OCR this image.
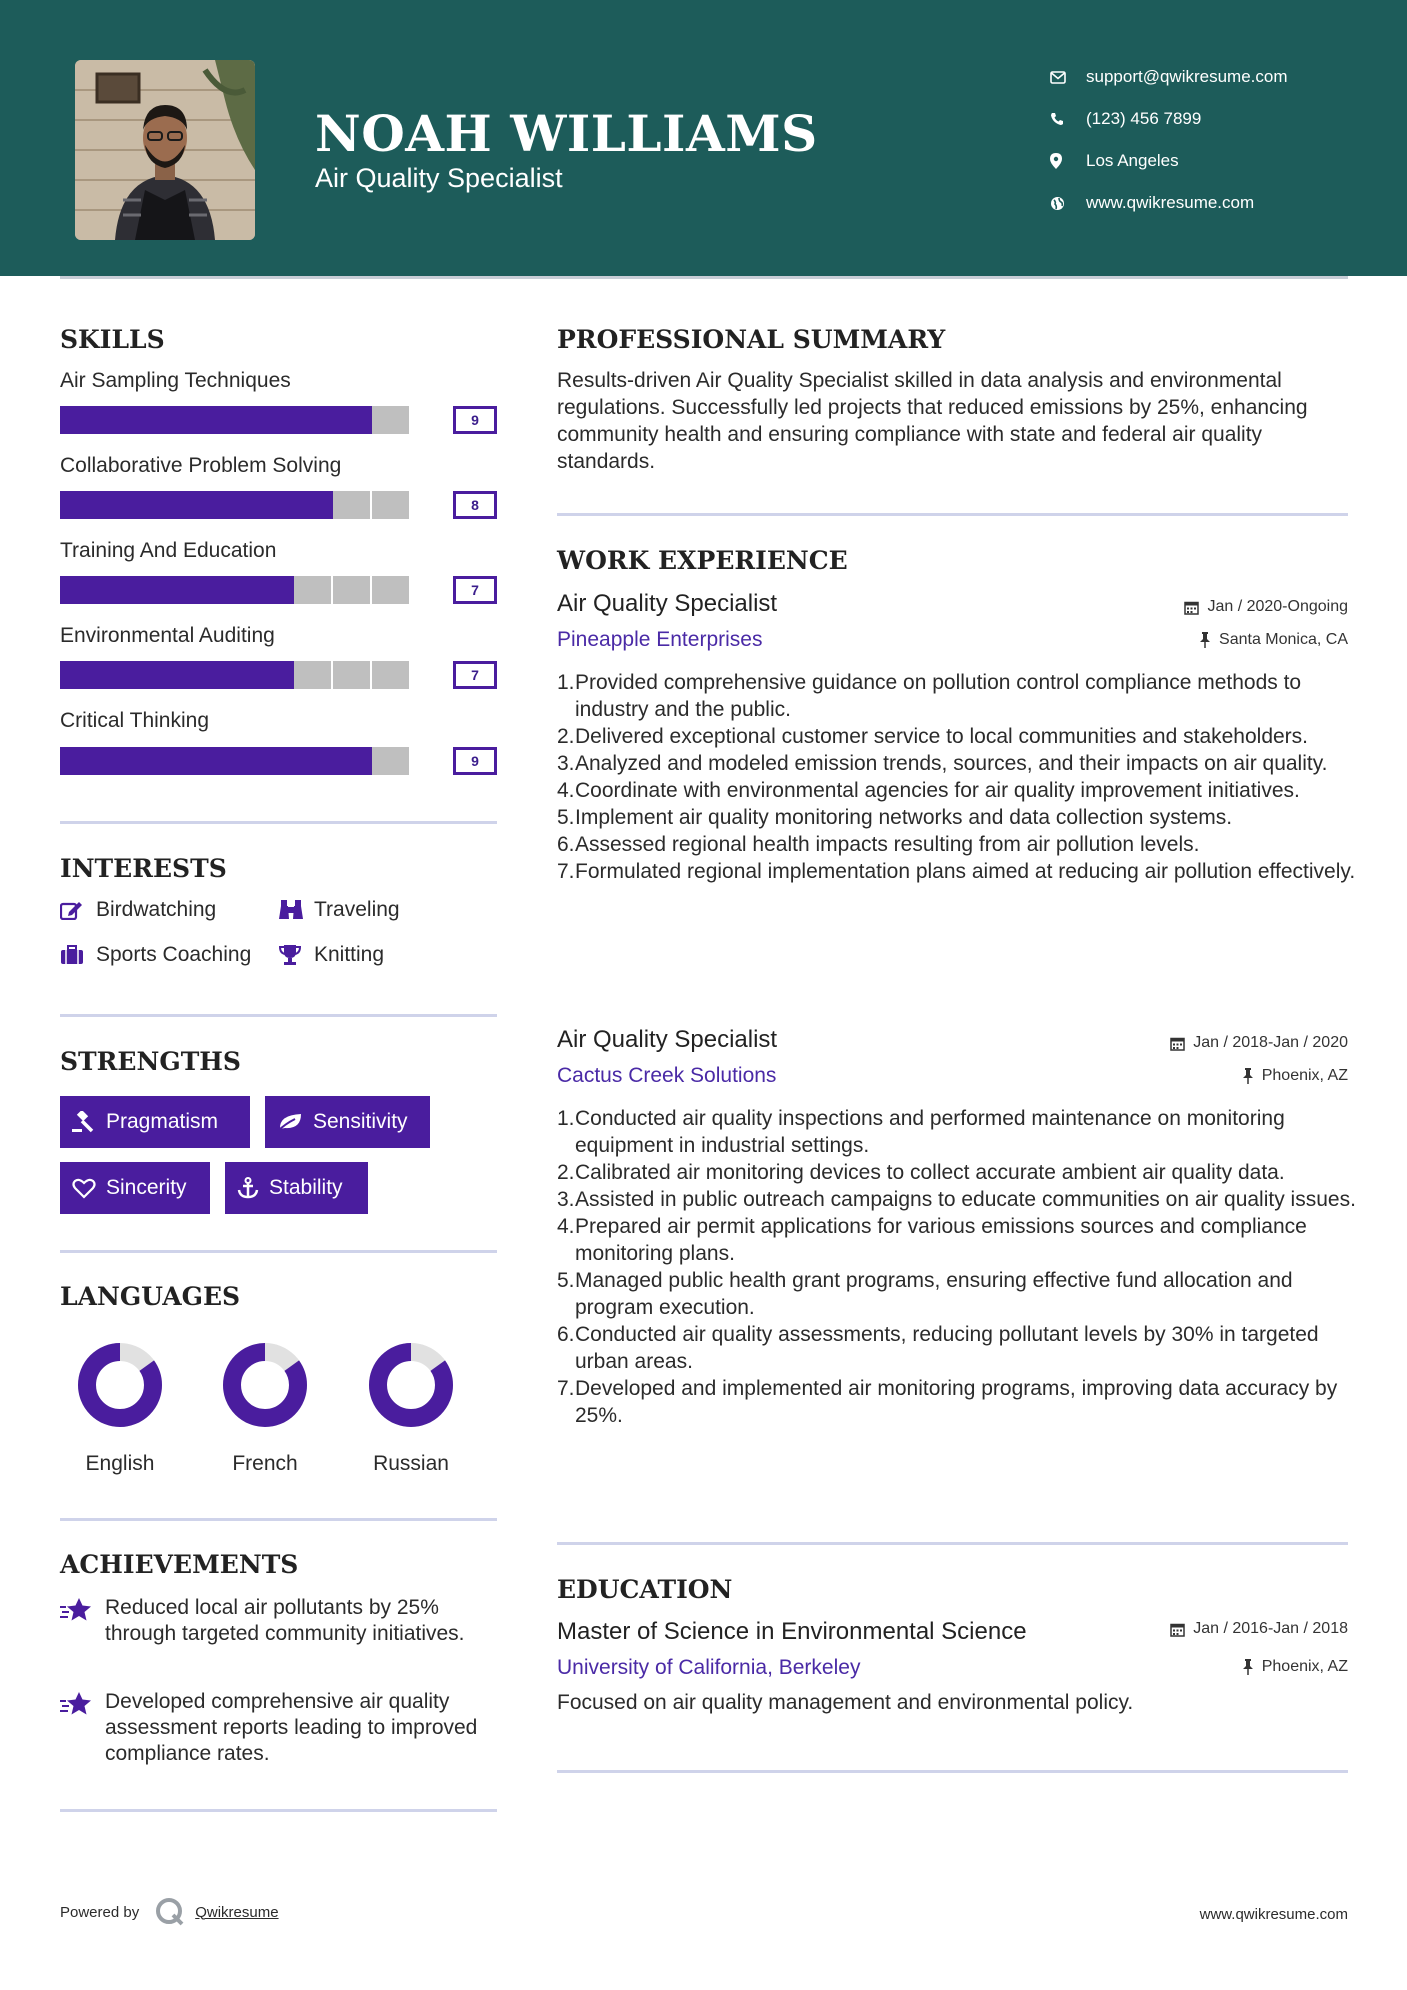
NOAH WILLIAMS
Air Quality Specialist
support@qwikresume.com
(123) 456 7899
Los Angeles
www.qwikresume.com
SKILLS
Air Sampling Techniques
9
Collaborative Problem Solving
8
Training And Education
7
Environmental Auditing
7
Critical Thinking
9
INTERESTS
Birdwatching	Traveling
Sports Coaching	Knitting
STRENGTHS
Pragmatism	Sensitivity
Sincerity	Stability
LANGUAGES
English	French	Russian
ACHIEVEMENTS
Reduced local air pollutants by 25% through targeted community initiatives.
Developed comprehensive air quality assessment reports leading to improved compliance rates.
PROFESSIONAL SUMMARY
Results-driven Air Quality Specialist skilled in data analysis and environmental regulations. Successfully led projects that reduced emissions by 25%, enhancing community health and ensuring compliance with state and federal air quality standards.
WORK EXPERIENCE
Air Quality Specialist	Jan / 2020-Ongoing
Pineapple Enterprises	Santa Monica, CA
1. Provided comprehensive guidance on pollution control compliance methods to industry and the public.
2. Delivered exceptional customer service to local communities and stakeholders.
3. Analyzed and modeled emission trends, sources, and their impacts on air quality.
4. Coordinate with environmental agencies for air quality improvement initiatives.
5. Implement air quality monitoring networks and data collection systems.
6. Assessed regional health impacts resulting from air pollution levels.
7. Formulated regional implementation plans aimed at reducing air pollution effectively.
Air Quality Specialist	Jan / 2018-Jan / 2020
Cactus Creek Solutions	Phoenix, AZ
1. Conducted air quality inspections and performed maintenance on monitoring equipment in industrial settings.
2. Calibrated air monitoring devices to collect accurate ambient air quality data.
3. Assisted in public outreach campaigns to educate communities on air quality issues.
4. Prepared air permit applications for various emissions sources and compliance monitoring plans.
5. Managed public health grant programs, ensuring effective fund allocation and program execution.
6. Conducted air quality assessments, reducing pollutant levels by 30% in targeted urban areas.
7. Developed and implemented air monitoring programs, improving data accuracy by 25%.
EDUCATION
Master of Science in Environmental Science	Jan / 2016-Jan / 2018
University of California, Berkeley	Phoenix, AZ
Focused on air quality management and environmental policy.
Powered by	Qwikresume	www.qwikresume.com
